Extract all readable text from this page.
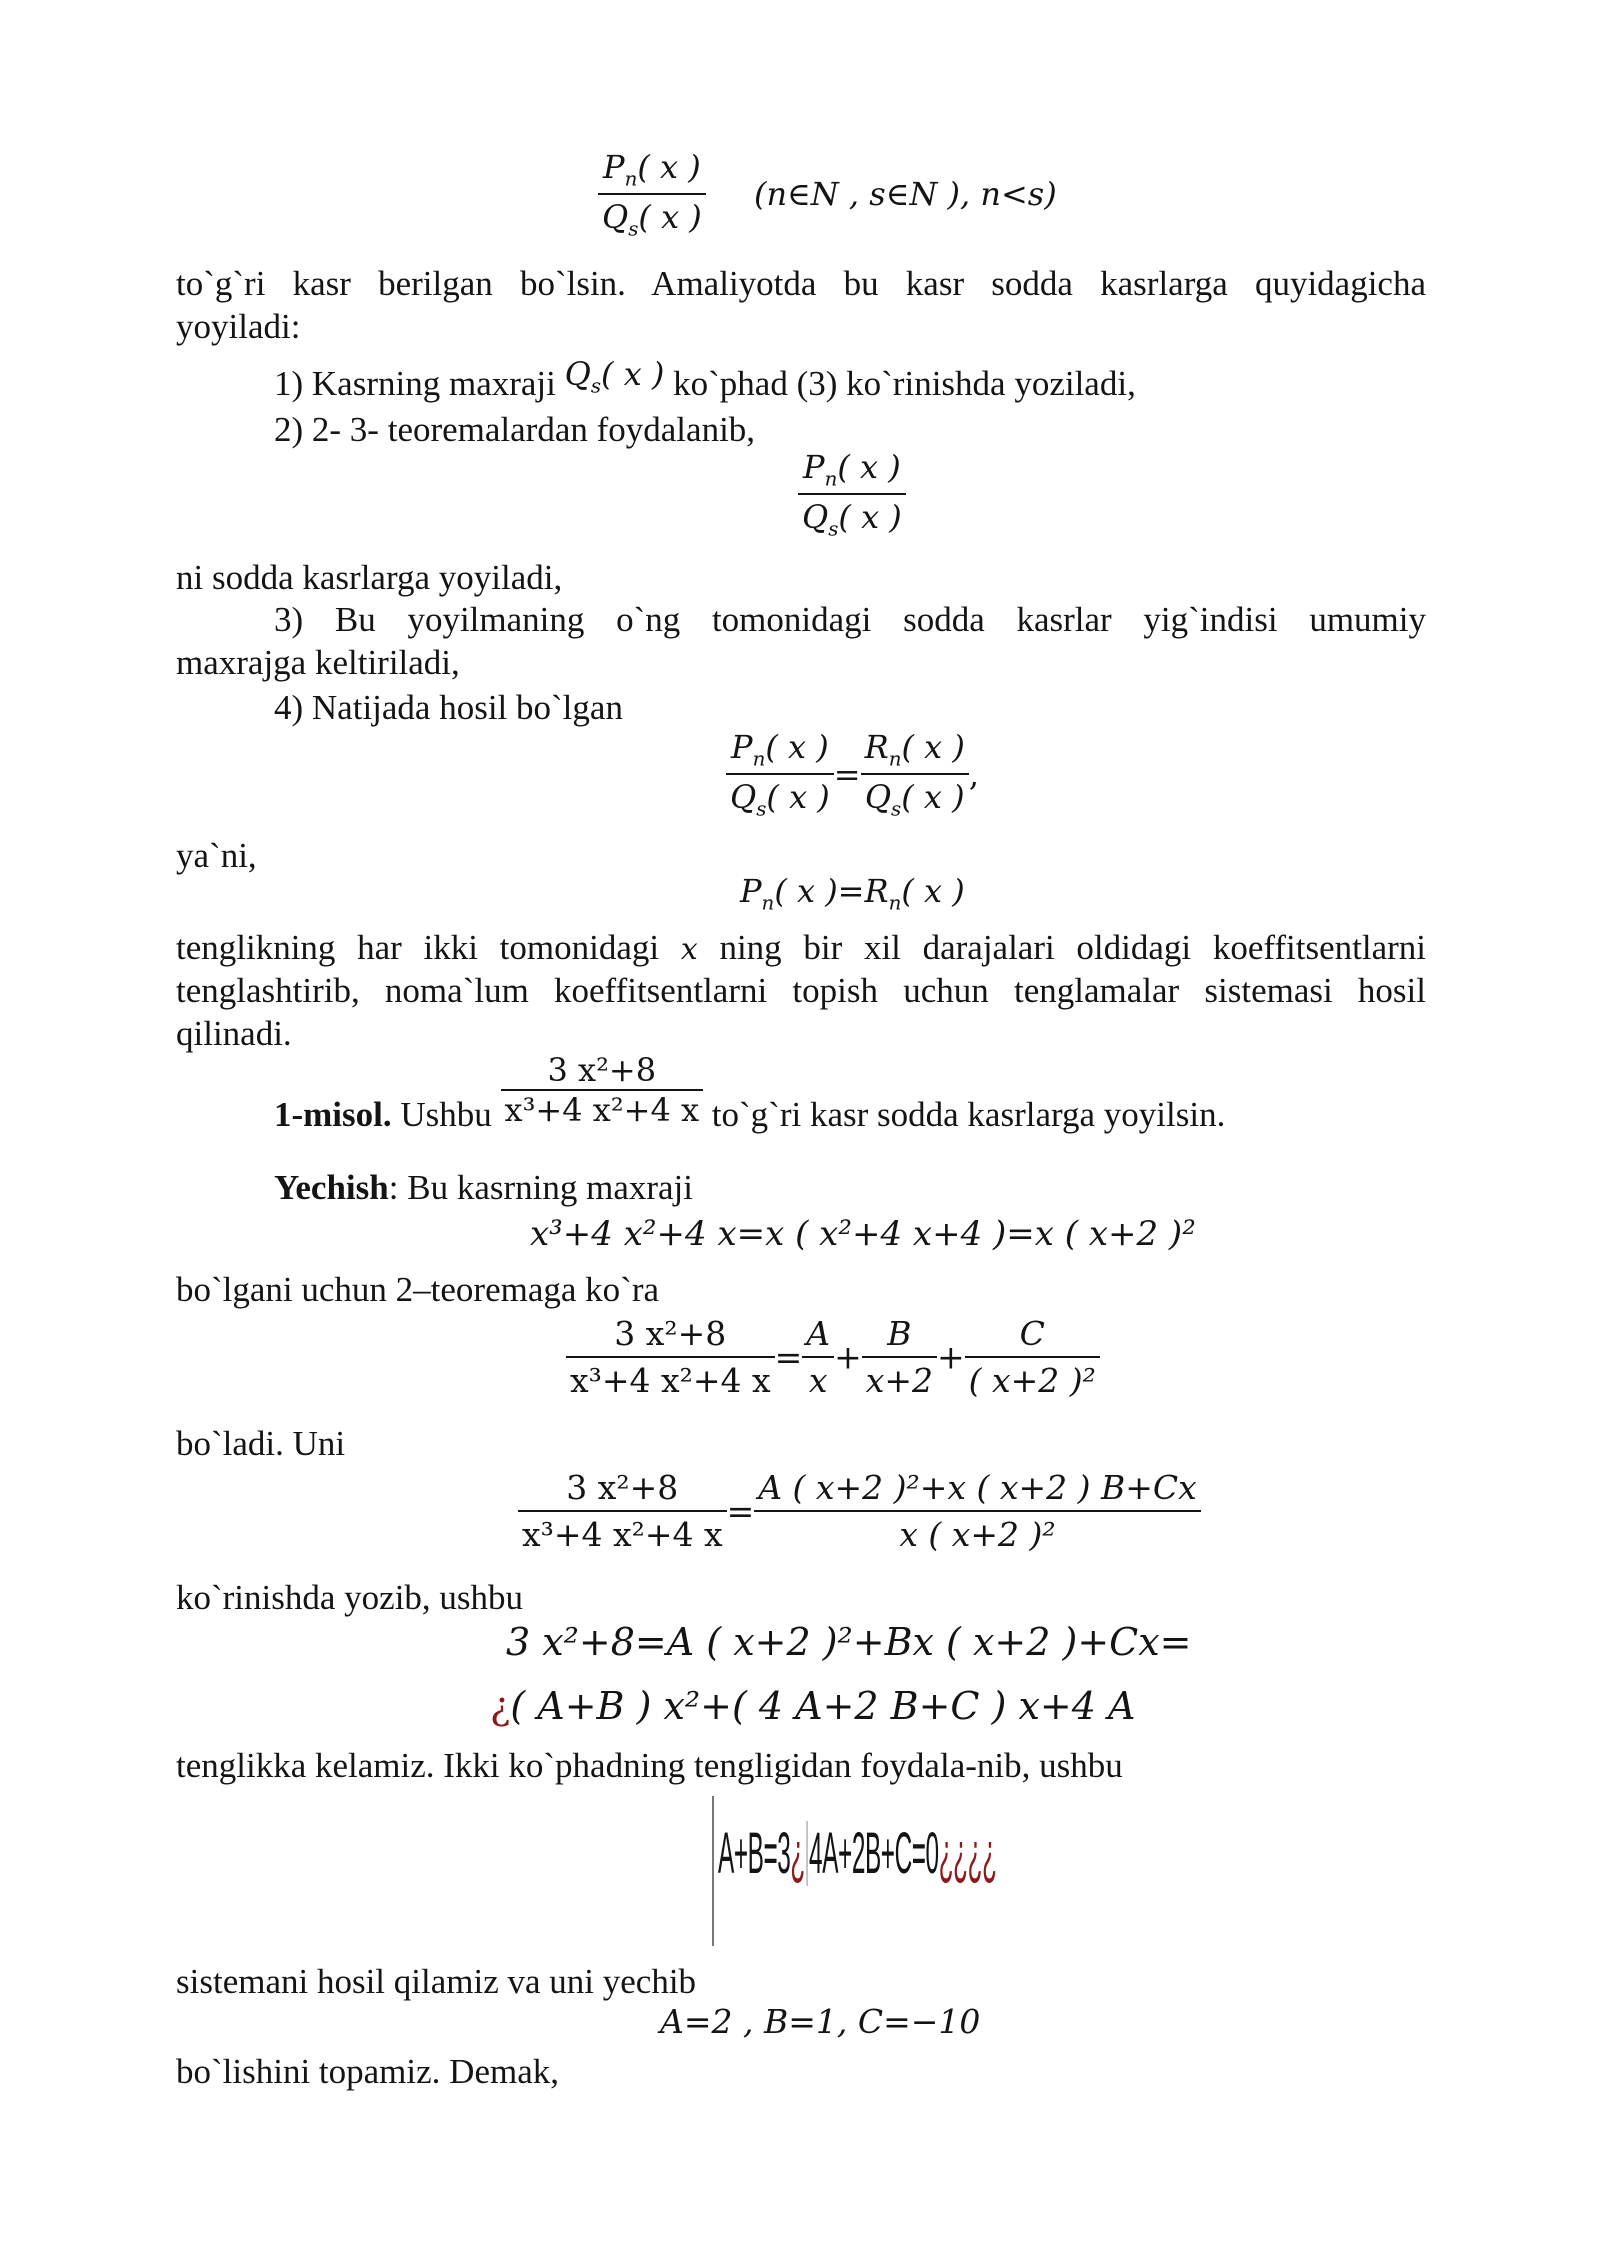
$\frac{P_n( x )}{Q_s( x )}$ (n∈N , s∈N ), n<s)
to`g`ri kasr berilgan bo`lsin. Amaliyotda bu kasr sodda kasrlarga quyidagicha
yoyiladi:
1) Kasrning maxraji $Q_s$( x ) ko`phad (3) ko`rinishda yoziladi,
2) 2- 3- teoremalardan foydalanib,
$\frac{P_n( x )}{Q_s( x )}$
ni sodda kasrlarga yoyiladi,
3) Bu yoyilmaning o`ng tomonidagi sodda kasrlar yig`indisi umumiy
maxrajga keltiriladi,
4) Natijada hosil bo`lgan
$\frac{P_n( x )}{Q_s( x )} = \frac{R_n( x )}{Q_s( x )}$ ,
ya`ni,
$P_n$( x )$=R_n$( x )
tenglikning har ikki tomonidagi x ning bir xil darajalari oldidagi koeffitsentlarni
tenglashtirib, noma`lum koeffitsentlarni topish uchun tenglamalar sistemasi hosil
qilinadi.
1-misol. Ushbu $\frac{\text{3 x²+8}}{\text{x³+4 x²+4 x}}$ to`g`ri kasr sodda kasrlarga yoyilsin.
Yechish: Bu kasrning maxraji
x³+4 x²+4 x=x ( x²+4 x+4 )=x ( x+2 )²
bo`lgani uchun 2–teoremaga ko`ra
$\frac{\text{3 x²+8}}{\text{x³+4 x²+4 x}} = \frac{A}{x} + \frac{B}{x+2} + \frac{C}{\text{( x+2 )²}}$
bo`ladi. Uni
$\frac{\text{3 x²+8}}{\text{x³+4 x²+4 x}} = \frac{\text{A ( x+2 )²+x ( x+2 ) B+Cx}}{\text{x ( x+2 )²}}$
ko`rinishda yozib, ushbu
3 x²+8=A ( x+2 )²+Bx ( x+2 )+Cx=
¿( A+B ) x²+( 4 A+2 B+C ) x+4 A
tenglikka kelamiz. Ikki ko`phadning tengligidan foydala-nib, ushbu
A+B=3¿4A+2B+C=0¿¿¿¿
sistemani hosil qilamiz va uni yechib
A=2 , B=1, C=−10
bo`lishini topamiz. Demak,
